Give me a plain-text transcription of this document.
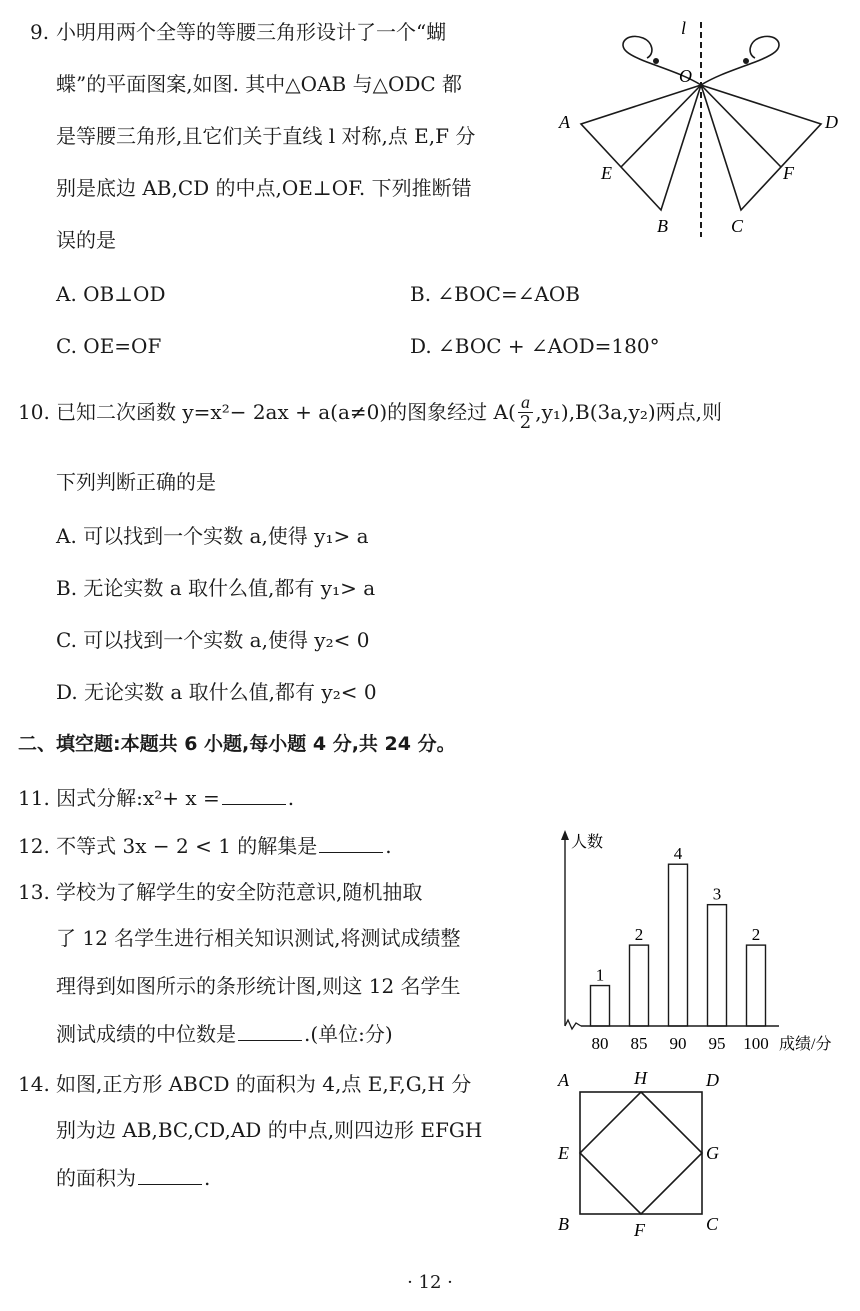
9. 小明用两个全等的等腰三角形设计了一个“蝴
蝶”的平面图案,如图. 其中△OAB 与△ODC 都
是等腰三角形,且它们关于直线 l 对称,点 E,F 分
别是底边 AB,CD 的中点,OE⊥OF. 下列推断错
误的是
A. OB⊥OD	B. ∠BOC=∠AOB
C. OE=OF	D. ∠BOC + ∠AOD=180°
l
O
A	D
E	F
B	C
10. 已知二次函数 y=x²− 2ax + a(a≠0)的图象经过 $A( \frac{a}{2} ,y_1),B(3a,y_2)$两点,则
下列判断正确的是
A. 可以找到一个实数 a,使得 y₁> a
B. 无论实数 a 取什么值,都有 y₁> a
C. 可以找到一个实数 a,使得 y₂< 0
D. 无论实数 a 取什么值,都有 y₂< 0
二、填空题:本题共 6 小题,每小题 4 分,共 24 分。
11. 因式分解:x²+ x =	.
12. 不等式 3x − 2 < 1 的解集是	.
13. 学校为了解学生的安全防范意识,随机抽取
了 12 名学生进行相关知识测试,将测试成绩整
理得到如图所示的条形统计图,则这 12 名学生
测试成绩的中位数是	.(单位:分)
1
2
4
3
2
80 85 90 95 100
人数
成绩/分
14. 如图,正方形 ABCD 的面积为 4,点 E,F,G,H 分
别为边 AB,BC,CD,AD 的中点,则四边形 EFGH
的面积为	.
A	H	D
E	G
B	F	C
· 12 ·
